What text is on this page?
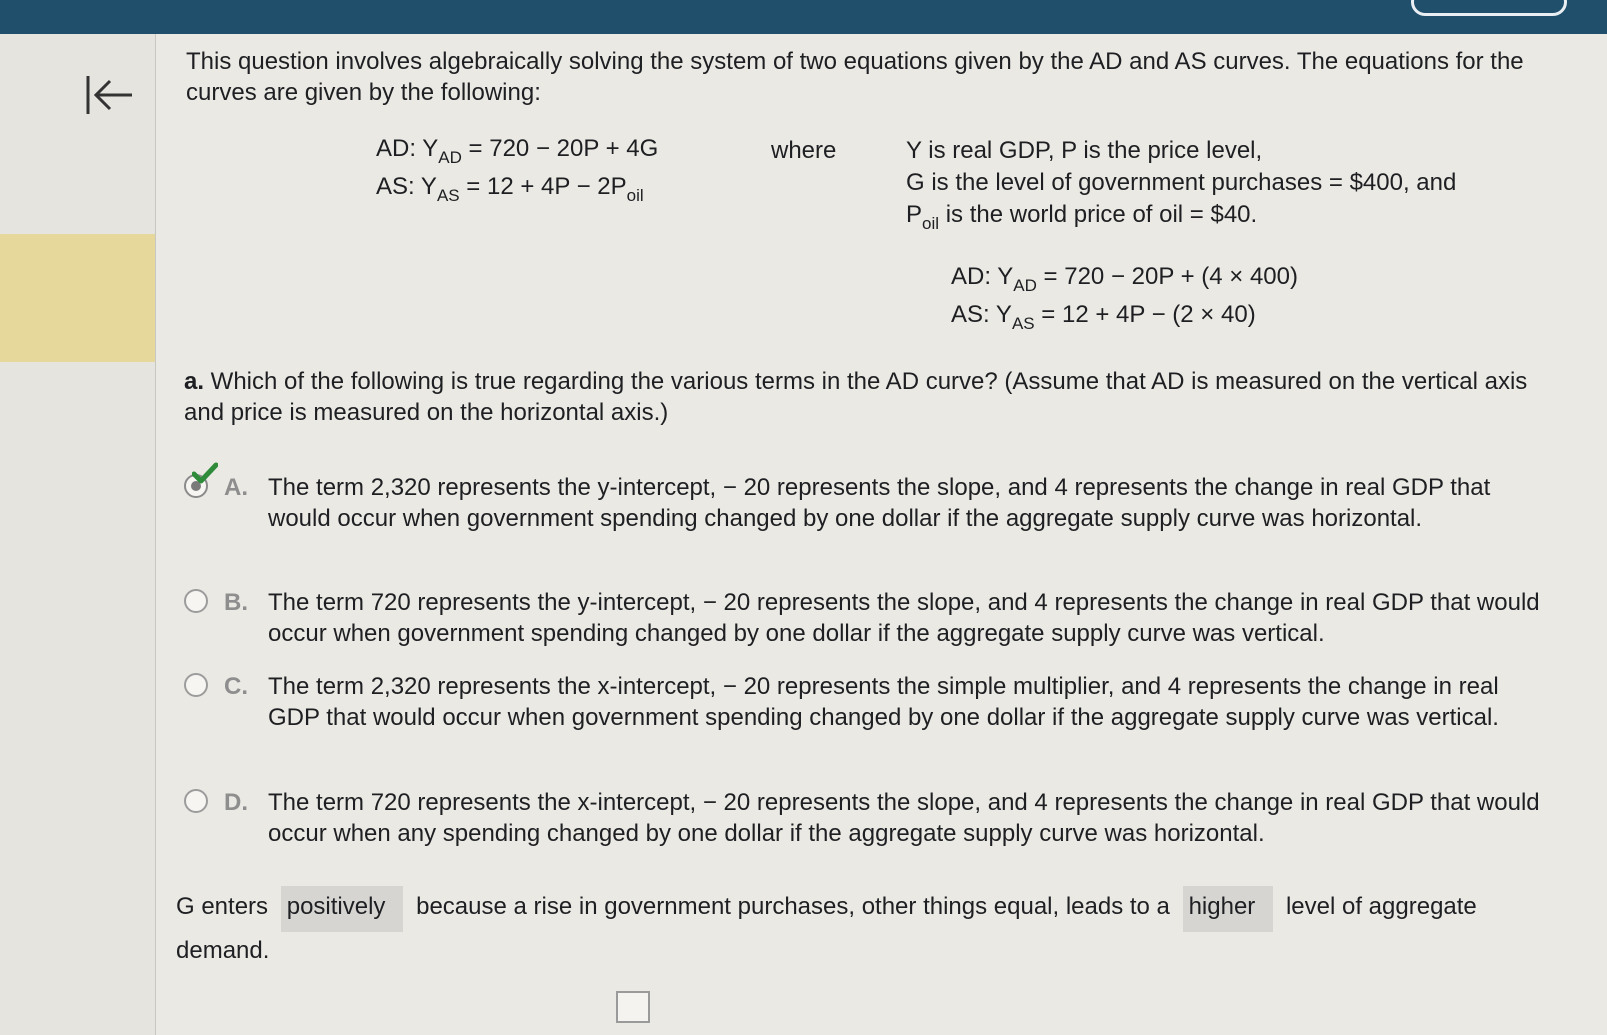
This question involves algebraically solving the system of two equations given by the AD and AS curves. The equations for the curves are given by the following:
AD: $Y_{AD} = 720 - 20P + 4G$
AS: $Y_{AS} = 12 + 4P - 2P_{oil}$
where	Y is real GDP, P is the price level,
G is the level of government purchases = $400, and
$P_{oil}$ is the world price of oil = $40.
AD: $Y_{AD} = 720 - 20P + (4 \times 400)$
AS: $Y_{AS} = 12 + 4P - (2 \times 40)$
a. Which of the following is true regarding the various terms in the AD curve? (Assume that AD is measured on the vertical axis and price is measured on the horizontal axis.)
A. The term 2,320 represents the y-intercept, − 20 represents the slope, and 4 represents the change in real GDP that would occur when government spending changed by one dollar if the aggregate supply curve was horizontal.
B. The term 720 represents the y-intercept, − 20 represents the slope, and 4 represents the change in real GDP that would occur when government spending changed by one dollar if the aggregate supply curve was vertical.
C. The term 2,320 represents the x-intercept, − 20 represents the simple multiplier, and 4 represents the change in real GDP that would occur when government spending changed by one dollar if the aggregate supply curve was vertical.
D. The term 720 represents the x-intercept, − 20 represents the slope, and 4 represents the change in real GDP that would occur when any spending changed by one dollar if the aggregate supply curve was horizontal.
G enters positively because a rise in government purchases, other things equal, leads to a higher level of aggregate demand.
